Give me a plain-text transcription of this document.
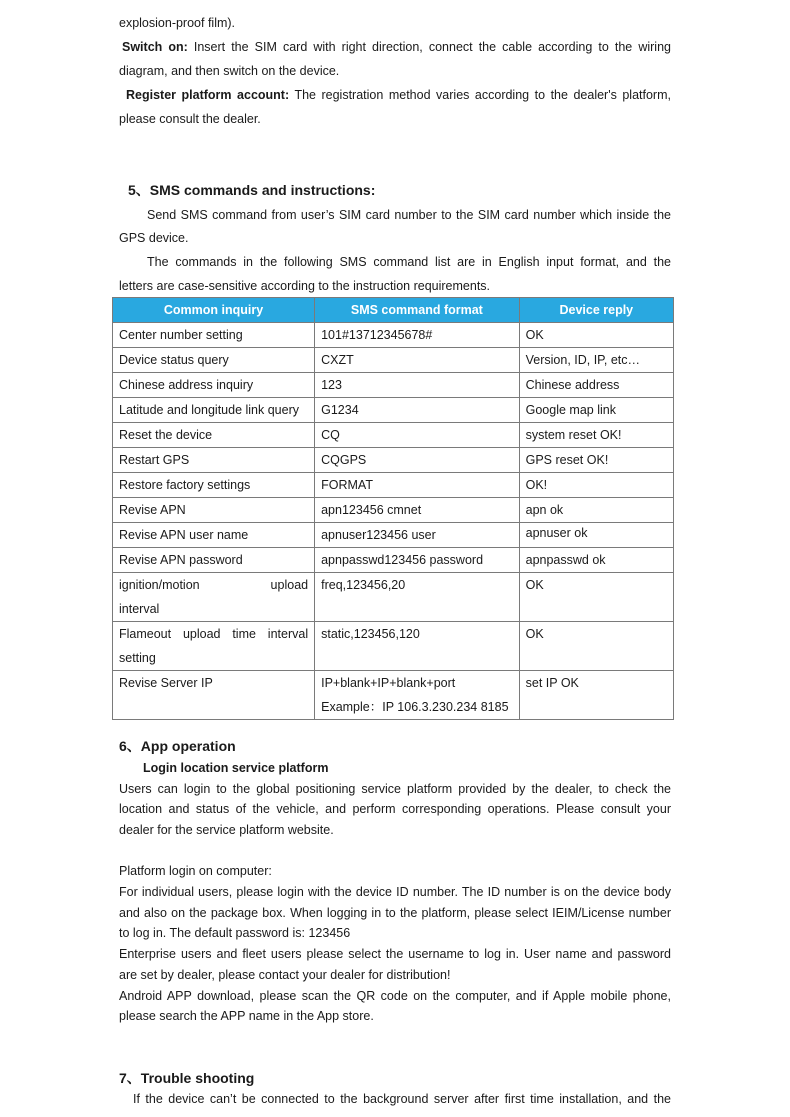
explosion-proof film).
Switch on: Insert the SIM card with right direction, connect the cable according to the wiring
diagram, and then switch on the device.
Register platform account: The registration method varies according to the dealer's platform,
please consult the dealer.
5、SMS commands and instructions:
Send SMS command from user’s SIM card number to the SIM card number which inside the
GPS device.
The commands in the following SMS command list are in English input format, and the
letters are case-sensitive according to the instruction requirements.
Common inquiry	SMS command format	Device reply
Center number setting	101#13712345678#	OK
Device status query	CXZT	Version, ID, IP, etc…
Chinese address inquiry	123	Chinese address
Latitude and longitude link query	G1234	Google map link
Reset the device	CQ	system reset OK!
Restart GPS	CQGPS	GPS reset OK!
Restore factory settings	FORMAT	OK!
Revise APN	apn123456 cmnet	apn ok
Revise APN user name	apnuser123456 user	apnuser ok
Revise APN password	apnpasswd123456 password	apnpasswd ok

ignition/motion upload
interval	freq,123456,20	OK

Flameout upload time interval
setting	static,123456,120	OK
Revise Server IP	IP+blank+IP+blank+port
Example：IP 106.3.230.234 8185	set IP OK
6、App operation
Login location service platform
Users can login to the global positioning service platform provided by the dealer, to check the
location and status of the vehicle, and perform corresponding operations. Please consult your
dealer for the service platform website.
Platform login on computer:
For individual users, please login with the device ID number. The ID number is on the device body
and also on the package box. When logging in to the platform, please select IEIM/License number
to log in. The default password is: 123456
Enterprise users and fleet users please select the username to log in. User name and password
are set by dealer, please contact your dealer for distribution!
Android APP download, please scan the QR code on the computer, and if Apple mobile phone,
please search the APP name in the App store.
7、Trouble shooting
If the device can’t be connected to the background server after first time installation, and the
